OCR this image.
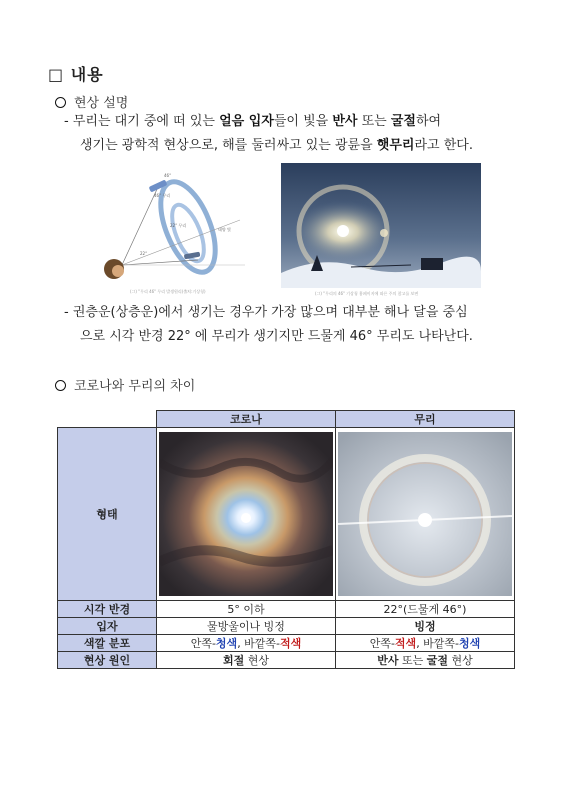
□ 내용
현상 설명
- 무리는 대기 중에 떠 있는 얼음 입자들이 빛을 반사 또는 굴절하여
생기는 광학적 현상으로, 해를 둘러싸고 있는 광륜을 햇무리라고 한다.
46°
46° 무리
22° 무리
태양 빛
22°
(그) "무리 46" 무리 발생원리(출처:기상청)	(그) "무리의 46" 기상청 홈페이지에 따른 주의 참고를 보면
- 권층운(상층운)에서 생기는 경우가 가장 많으며 대부분 해나 달을 중심
으로 시각 반경 22° 에 무리가 생기지만 드물게 46° 무리도 나타난다.
코로나와 무리의 차이
	코로나	무리
형태	

시각 반경	5° 이하	22°(드물게 46°)
입자	물방울이나 빙정	빙정
색깔 분포	안쪽-청색, 바깥쪽-적색	안쪽-적색, 바깥쪽-청색
현상 원인	회절 현상	반사 또는 굴절 현상
